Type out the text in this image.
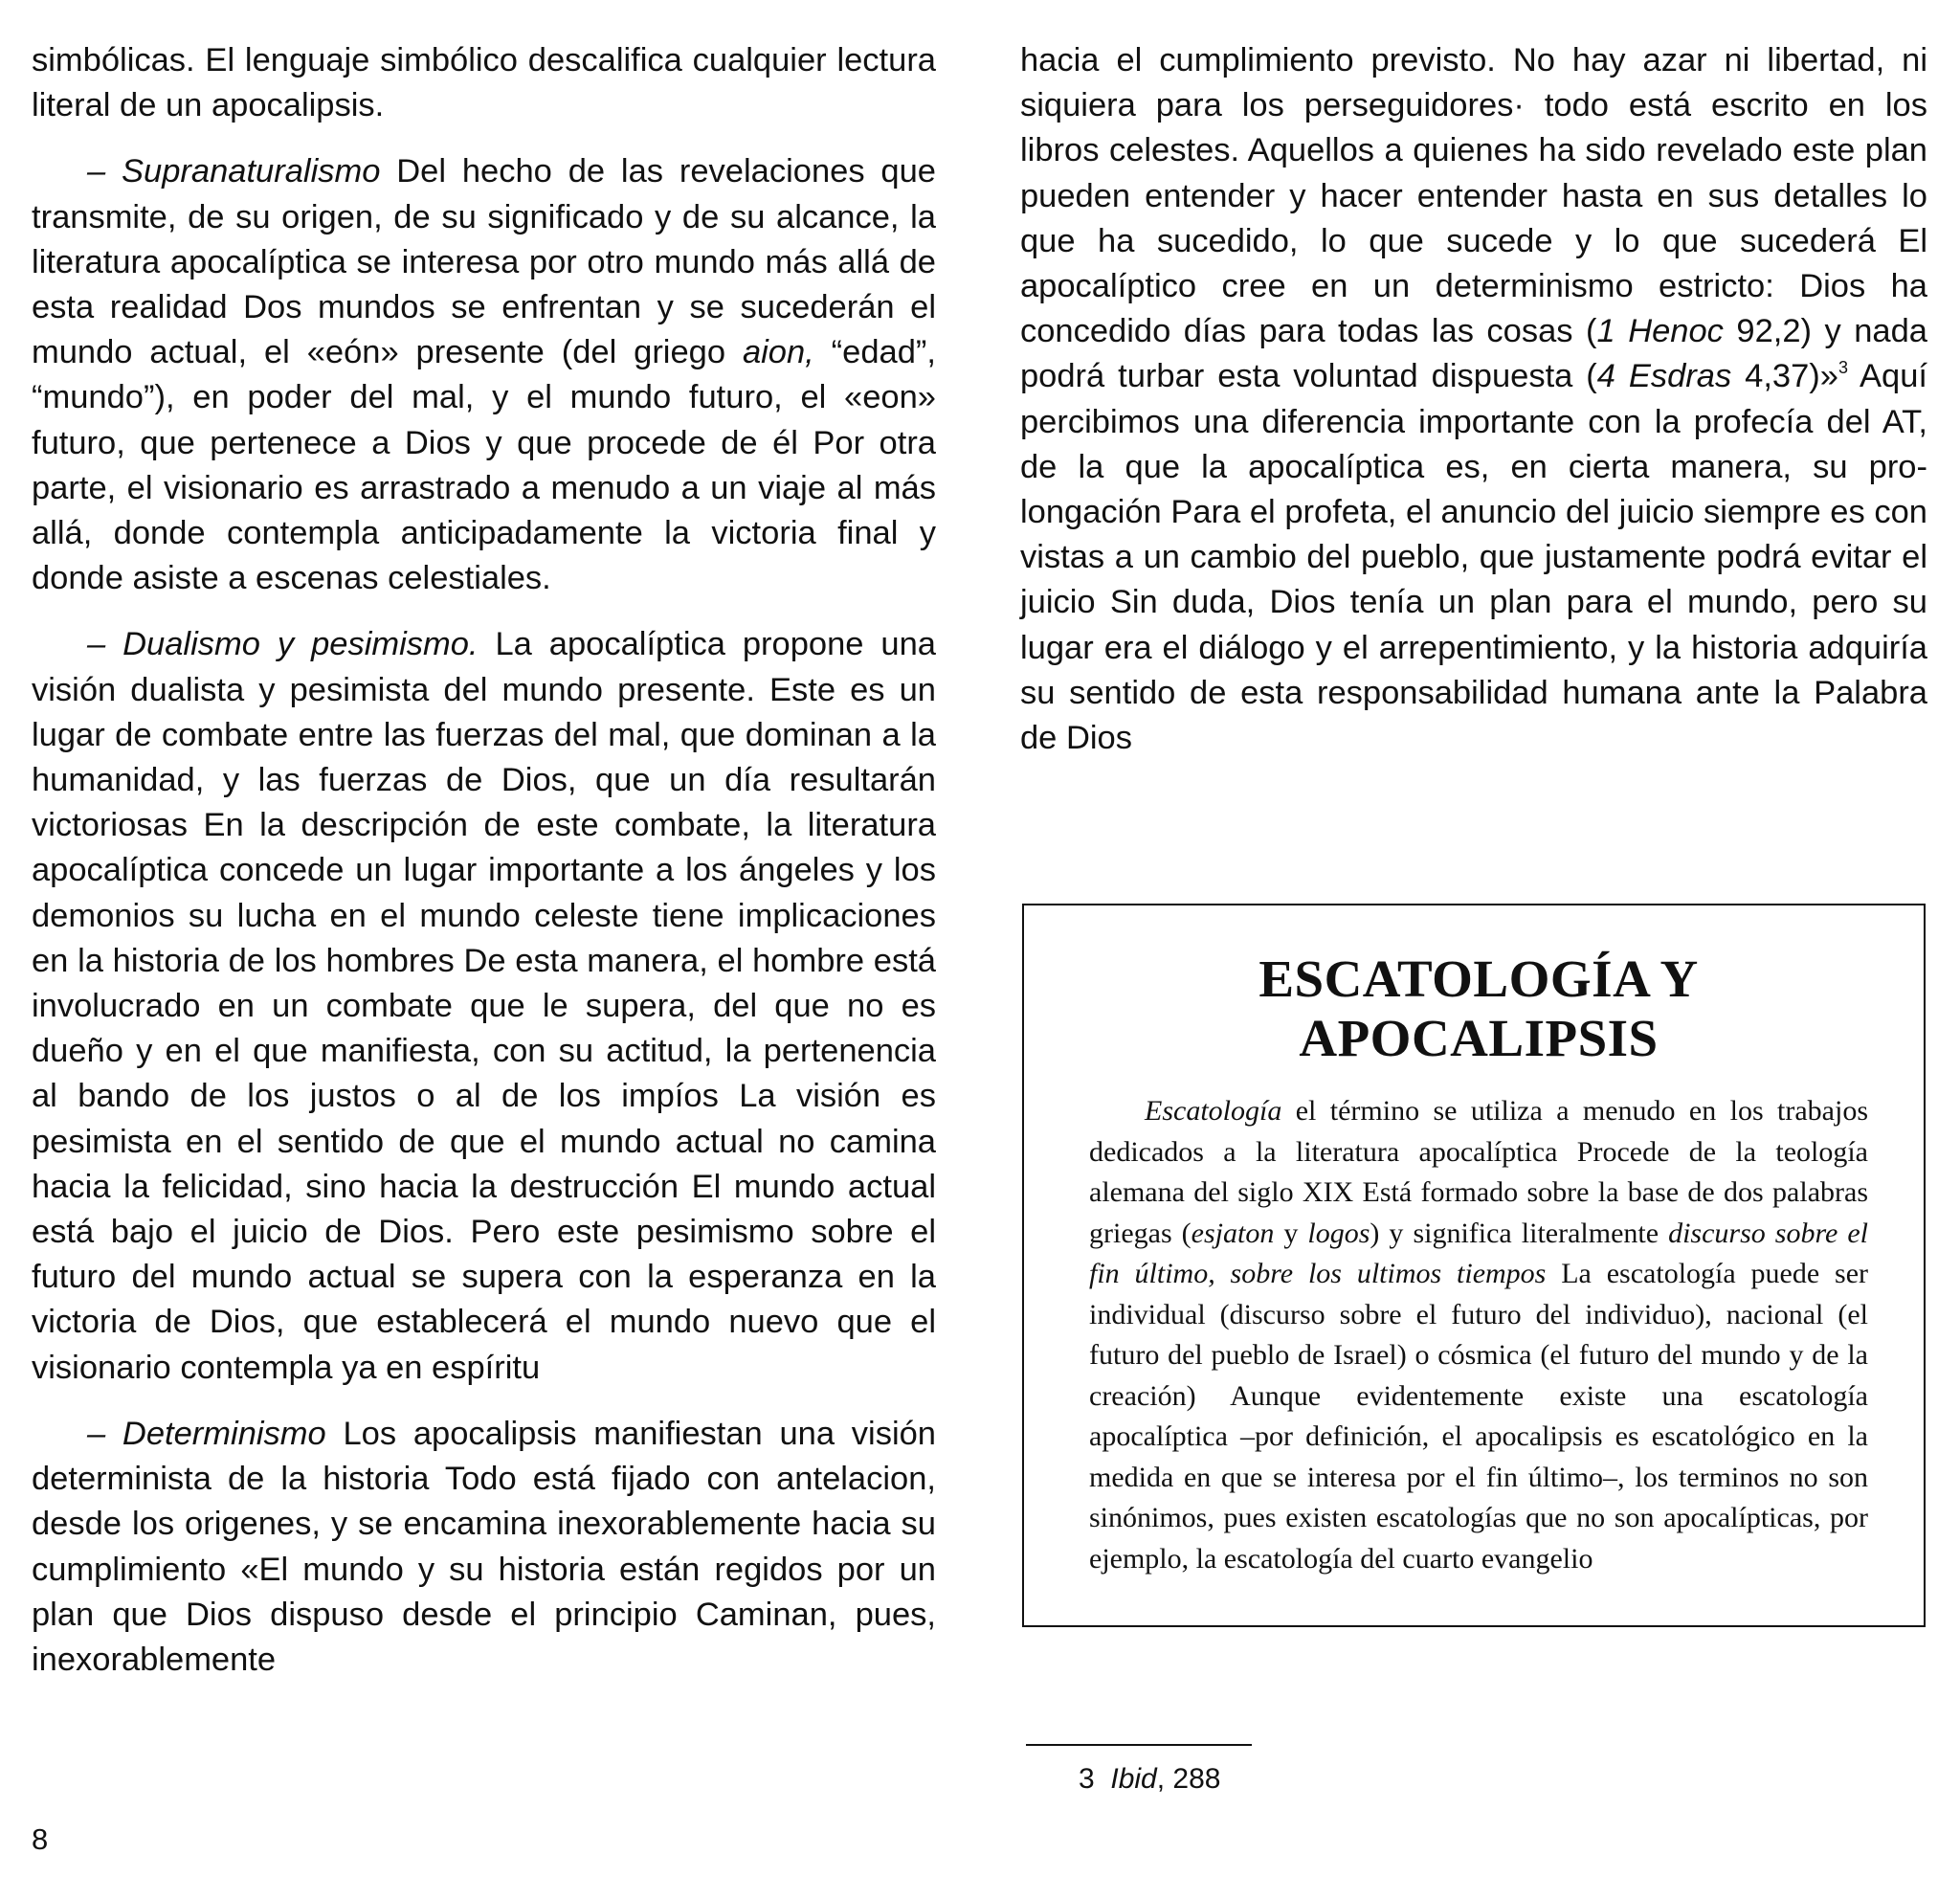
simbólicas. El lenguaje simbólico descalifica cualquier lectura literal de un apocalipsis.

– Supranaturalismo Del hecho de las revelaciones que transmite, de su origen, de su significado y de su alcance, la literatura apocalíptica se interesa por otro mundo más allá de esta realidad Dos mundos se enfrentan y se sucederán el mundo actual, el «eón» presente (del griego aion, “edad”, “mundo”), en poder del mal, y el mundo futuro, el «eon» futuro, que pertenece a Dios y que procede de él Por otra parte, el visionario es arrastrado a menudo a un viaje al más allá, donde contempla anticipadamente la victoria final y donde asiste a escenas celestiales.

– Dualismo y pesimismo. La apocalíptica propone una visión dualista y pesimista del mundo presente. Este es un lugar de combate entre las fuerzas del mal, que dominan a la humanidad, y las fuerzas de Dios, que un día resultarán victoriosas En la descripción de este combate, la literatura apocalíptica concede un lugar importante a los ángeles y los demonios su lucha en el mundo celeste tiene implicaciones en la historia de los hombres De esta manera, el hombre está involucrado en un combate que le supera, del que no es dueño y en el que manifiesta, con su actitud, la pertenencia al bando de los justos o al de los impíos La visión es pesimista en el sentido de que el mundo actual no camina hacia la felicidad, sino hacia la destrucción El mundo actual está bajo el juicio de Dios. Pero este pesimismo sobre el futuro del mundo actual se supera con la esperanza en la victoria de Dios, que establecerá el mundo nuevo que el visionario contempla ya en espíritu

– Determinismo Los apocalipsis manifiestan una visión determinista de la historia Todo está fijado con antelacion, desde los origenes, y se encamina inexorablemente hacia su cumplimiento «El mundo y su historia están regidos por un plan que Dios dispuso desde el principio Caminan, pues, inexorablemente

hacia el cumplimiento previsto. No hay azar ni libertad, ni siquiera para los perseguidores· todo está escrito en los libros celestes. Aquellos a quienes ha sido revelado este plan pueden entender y hacer entender hasta en sus detalles lo que ha sucedido, lo que sucede y lo que sucederá El apocalíptico cree en un determinismo estricto: Dios ha concedido días para todas las cosas (1 Henoc 92,2) y nada podrá turbar esta voluntad dispuesta (4 Esdras 4,37)»$^3$ Aquí percibimos una diferencia importante con la profecía del AT, de la que la apocalíptica es, en cierta manera, su prolongación Para el profeta, el anuncio del juicio siempre es con vistas a un cambio del pueblo, que justamente podrá evitar el juicio Sin duda, Dios tenía un plan para el mundo, pero su lugar era el diálogo y el arrepentimiento, y la historia adquiría su sentido de esta responsabilidad humana ante la Palabra de Dios

ESCATOLOGÍA Y APOCALIPSIS

Escatología el término se utiliza a menudo en los trabajos dedicados a la literatura apocalíptica Procede de la teología alemana del siglo XIX Está formado sobre la base de dos palabras griegas (esjaton y logos) y significa literalmente discurso sobre el fin último, sobre los ultimos tiempos La escatología puede ser individual (discurso sobre el futuro del individuo), nacional (el futuro del pueblo de Israel) o cósmica (el futuro del mundo y de la creación) Aunque evidentemente existe una escatología apocalíptica –por definición, el apocalipsis es escatológico en la medida en que se interesa por el fin último–, los terminos no son sinónimos, pues existen escatologías que no son apocalípticas, por ejemplo, la escatología del cuarto evangelio

3 Ibid, 288
8
